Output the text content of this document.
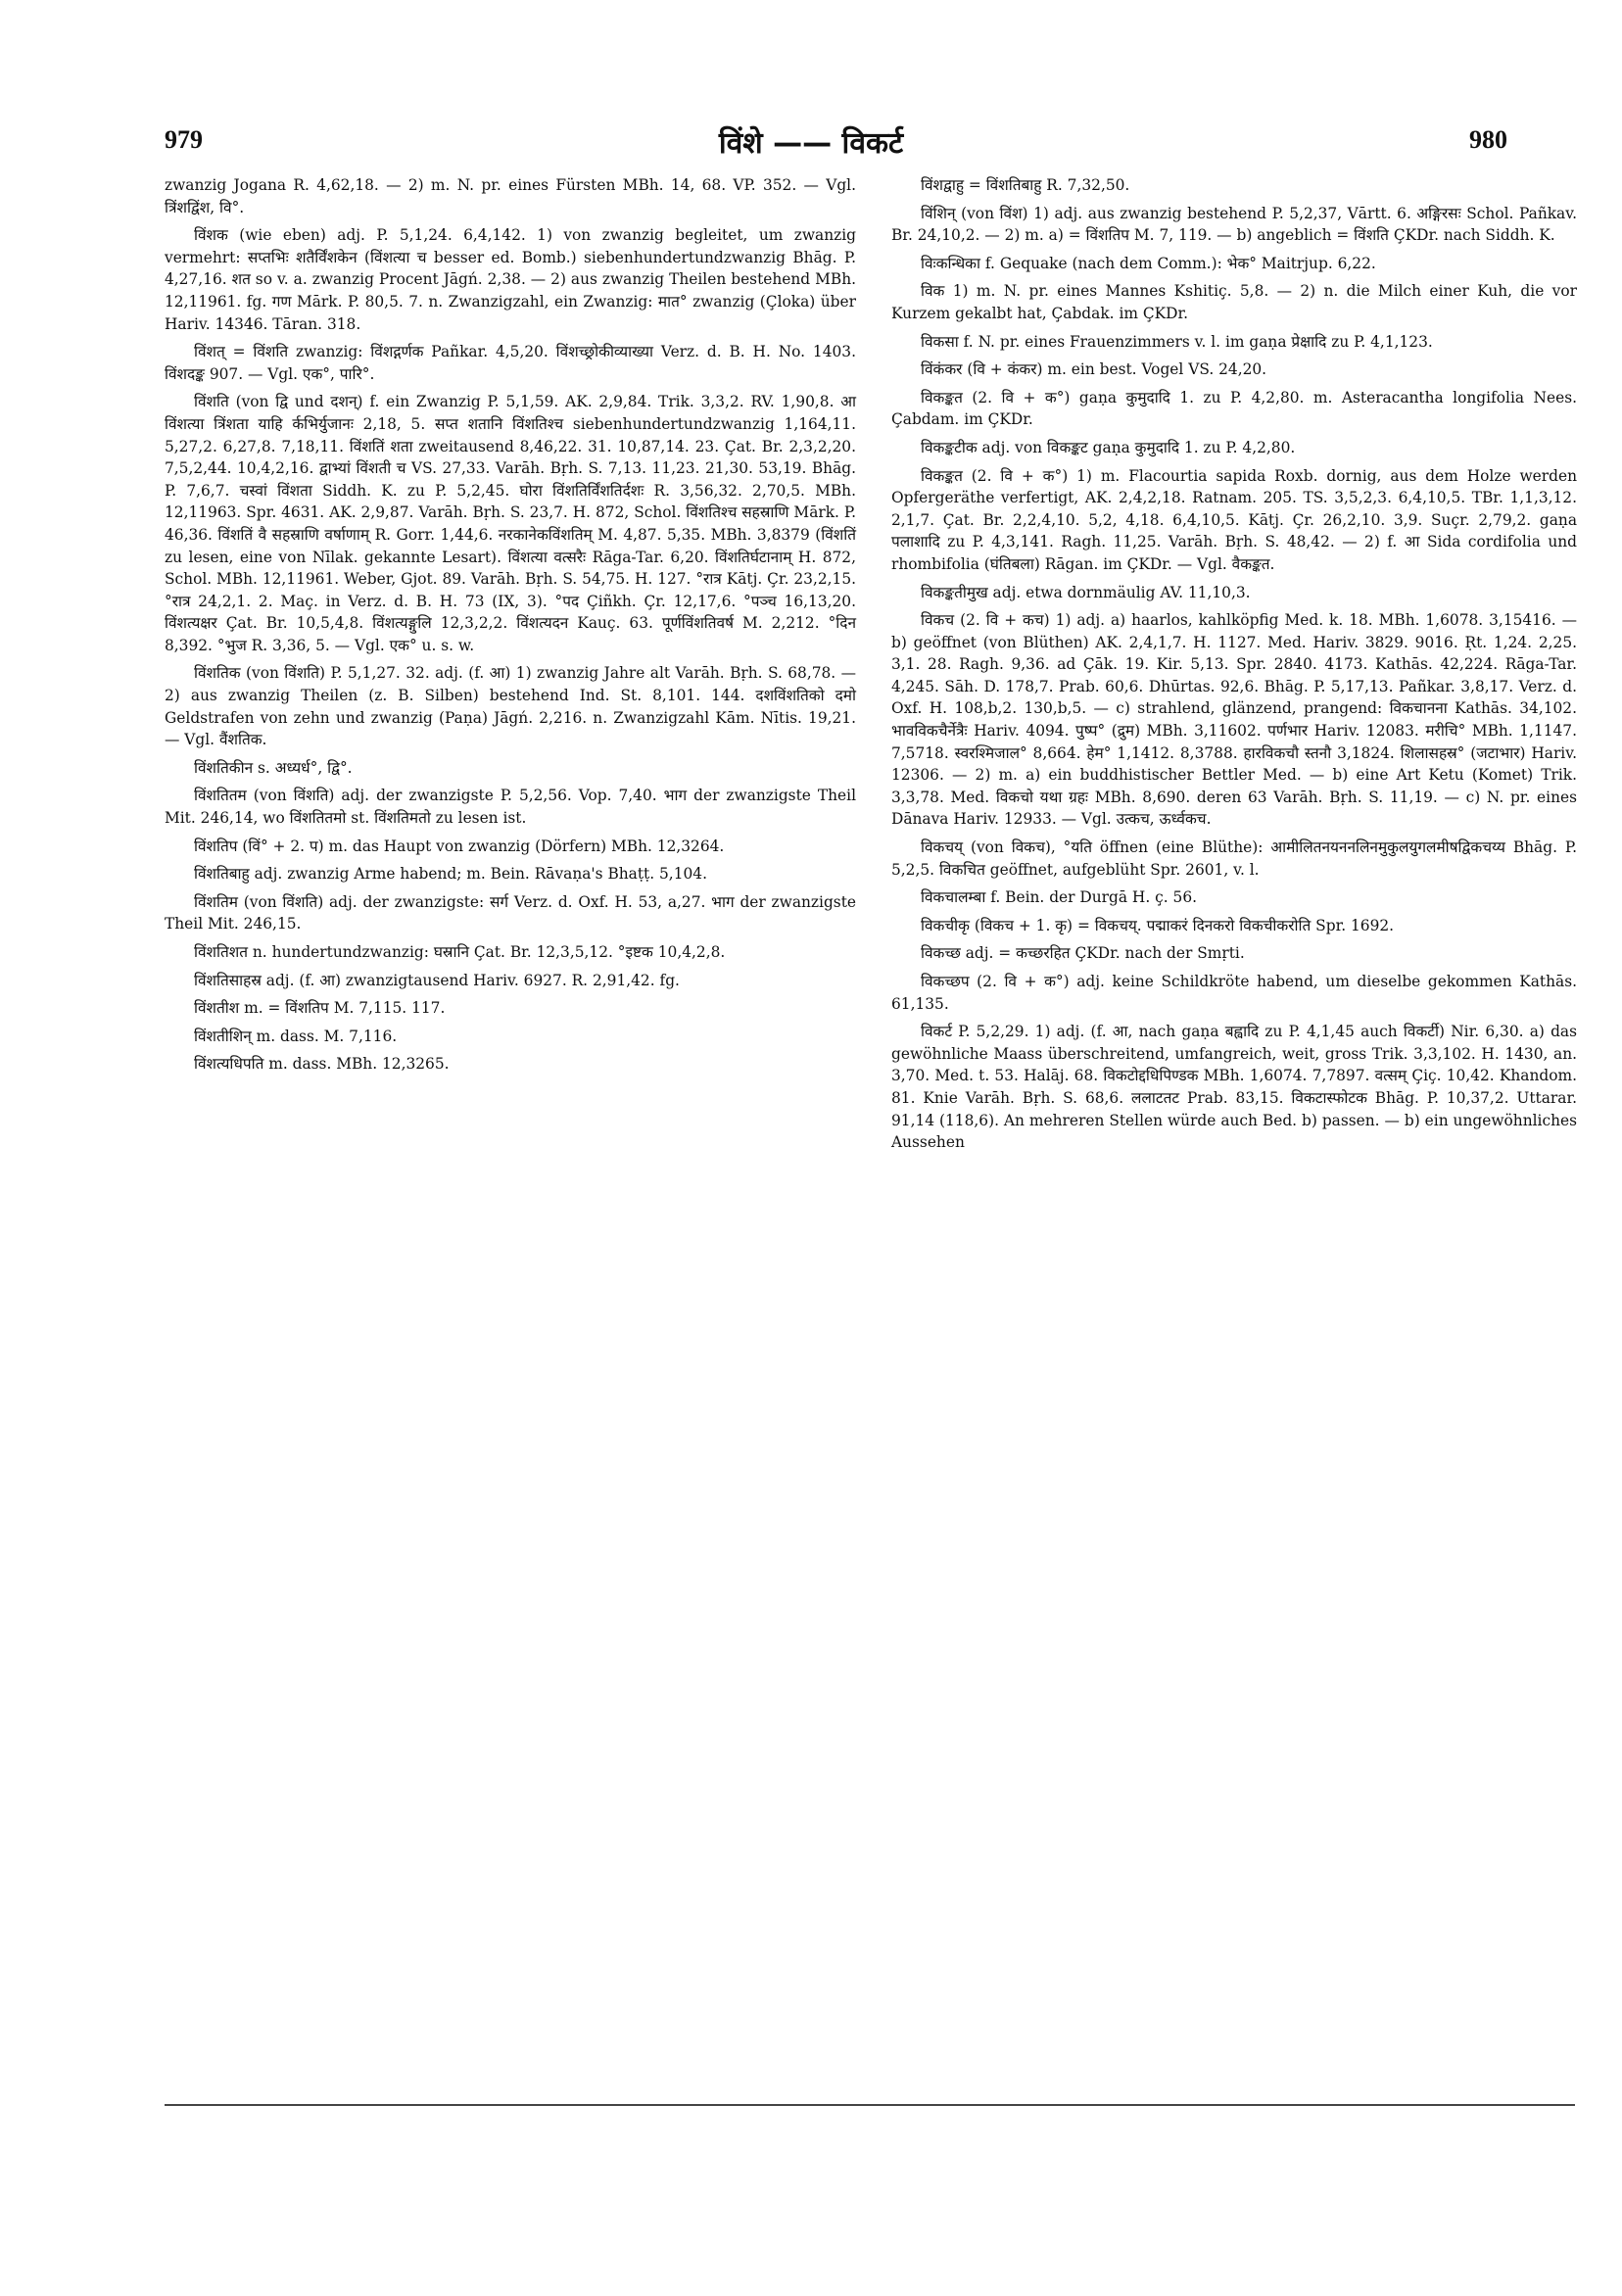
979	विंशे —— विकर्ट	980

zwanzig Jogana R. 4,62,18. — 2) m. N. pr. eines Fürsten MBh. 14, 68. VP. 352. — Vgl. त्रिंशद्विंश, वि°.

विंशक (wie eben) adj. P. 5,1,24. 6,4,142. 1) von zwanzig begleitet, um zwanzig vermehrt: सप्तभिः शतैर्विंशकेन (विंशत्या च besser ed. Bomb.) siebenhundertundzwanzig Bhāg. P. 4,27,16. शत so v. a. zwanzig Procent Jāgń. 2,38. — 2) aus zwanzig Theilen bestehend MBh. 12,11961. fg. गण Mārk. P. 80,5. 7. n. Zwanzigzahl, ein Zwanzig: मात° zwanzig (Çloka) über Hariv. 14346. Tāran. 318.

विंशत् = विंशति zwanzig: विंशद्गर्णक Pañkar. 4,5,20. विंशच्छ्रोकीव्याख्या Verz. d. B. H. No. 1403. विंशदङ्क 907. — Vgl. एक°, पारि°.

विंशति (von द्वि und दशन्) f. ein Zwanzig P. 5,1,59. AK. 2,9,84. Trik. 3,3,2. RV. 1,90,8. आ विंशत्या त्रिंशता याहि र्कभिर्युजानः 2,18, 5. सप्त शतानि विंशतिश्च siebenhundertundzwanzig 1,164,11. 5,27,2. 6,27,8. 7,18,11. विंशतिं शता zweitausend 8,46,22. 31. 10,87,14. 23. Çat. Br. 2,3,2,20. 7,5,2,44. 10,4,2,16. द्वाभ्यां विंशती च VS. 27,33. Varāh. Bṛh. S. 7,13. 11,23. 21,30. 53,19. Bhāg. P. 7,6,7. चस्वां विंशता Siddh. K. zu P. 5,2,45. घोरा विंशतिर्विंशतिर्दशः R. 3,56,32. 2,70,5. MBh. 12,11963. Spr. 4631. AK. 2,9,87. Varāh. Bṛh. S. 23,7. H. 872, Schol. विंशतिश्च सहस्राणि Mārk. P. 46,36. विंशतिं वै सहस्राणि वर्षाणाम् R. Gorr. 1,44,6. नरकानेकविंशतिम् M. 4,87. 5,35. MBh. 3,8379 (विंशतिं zu lesen, eine von Nīlak. gekannte Lesart). विंशत्या वत्सरैः Rāga-Tar. 6,20. विंशतिर्घटानाम् H. 872, Schol. MBh. 12,11961. Weber, Gjot. 89. Varāh. Bṛh. S. 54,75. H. 127. °रात्र Kātj. Çr. 23,2,15. °रात्र 24,2,1. 2. Maç. in Verz. d. B. H. 73 (IX, 3). °पद Çiñkh. Çr. 12,17,6. °पञ्च 16,13,20. विंशत्यक्षर Çat. Br. 10,5,4,8. विंशत्यङ्गुलि 12,3,2,2. विंशत्यदन Kauç. 63. पूर्णविंशतिवर्ष M. 2,212. °दिन 8,392. °भुज R. 3,36, 5. — Vgl. एक° u. s. w.

विंशतिक (von विंशति) P. 5,1,27. 32. adj. (f. आ) 1) zwanzig Jahre alt Varāh. Bṛh. S. 68,78. — 2) aus zwanzig Theilen (z. B. Silben) bestehend Ind. St. 8,101. 144. दशविंशतिको दमो Geldstrafen von zehn und zwanzig (Paṇa) Jāgń. 2,216. n. Zwanzigzahl Kām. Nītis. 19,21. — Vgl. वैंशतिक.

विंशतिकीन s. अध्यर्ध°, द्वि°.

विंशतितम (von विंशति) adj. der zwanzigste P. 5,2,56. Vop. 7,40. भाग der zwanzigste Theil Mit. 246,14, wo विंशतितमो st. विंशतिमतो zu lesen ist.

विंशतिप (विं° + 2. प) m. das Haupt von zwanzig (Dörfern) MBh. 12,3264.

विंशतिबाहु adj. zwanzig Arme habend; m. Bein. Rāvaṇa's Bhaṭṭ. 5,104.

विंशतिम (von विंशति) adj. der zwanzigste: सर्ग Verz. d. Oxf. H. 53, a,27. भाग der zwanzigste Theil Mit. 246,15.

विंशतिशत n. hundertundzwanzig: घस्रानि Çat. Br. 12,3,5,12. °इष्टक 10,4,2,8.

विंशतिसाहस्र adj. (f. आ) zwanzigtausend Hariv. 6927. R. 2,91,42. fg.

विंशतीश m. = विंशतिप M. 7,115. 117.

विंशतीशिन् m. dass. M. 7,116.

विंशत्यधिपति m. dass. MBh. 12,3265.

विंशद्वाहु = विंशतिबाहु R. 7,32,50.

विंशिन् (von विंश) 1) adj. aus zwanzig bestehend P. 5,2,37, Vārtt. 6. अङ्गिरसः Schol. Pañkav. Br. 24,10,2. — 2) m. a) = विंशतिप M. 7, 119. — b) angeblich = विंशति ÇKDr. nach Siddh. K.

विःकन्धिका f. Gequake (nach dem Comm.): भेक° Maitrjup. 6,22.

विक 1) m. N. pr. eines Mannes Kshitiç. 5,8. — 2) n. die Milch einer Kuh, die vor Kurzem gekalbt hat, Çabdak. im ÇKDr.

विकसा f. N. pr. eines Frauenzimmers v. l. im gaṇa प्रेक्षादि zu P. 4,1,123.

विंकंकर (वि + कंकर) m. ein best. Vogel VS. 24,20.

विकङ्कत (2. वि + क°) gaṇa कुमुदादि 1. zu P. 4,2,80. m. Asteracantha longifolia Nees. Çabdam. im ÇKDr.

विकङ्कटीक adj. von विकङ्कट gaṇa कुमुदादि 1. zu P. 4,2,80.

विकङ्कत (2. वि + क°) 1) m. Flacourtia sapida Roxb. dornig, aus dem Holze werden Opfergeräthe verfertigt, AK. 2,4,2,18. Ratnam. 205. TS. 3,5,2,3. 6,4,10,5. TBr. 1,1,3,12. 2,1,7. Çat. Br. 2,2,4,10. 5,2, 4,18. 6,4,10,5. Kātj. Çr. 26,2,10. 3,9. Suçr. 2,79,2. gaṇa पलाशादि zu P. 4,3,141. Ragh. 11,25. Varāh. Bṛh. S. 48,42. — 2) f. आ Sida cordifolia und rhombifolia (घंतिबला) Rāgan. im ÇKDr. — Vgl. वैकङ्कत.

विकङ्कतीमुख adj. etwa dornmäulig AV. 11,10,3.

विकच (2. वि + कच) 1) adj. a) haarlos, kahlköpfig Med. k. 18. MBh. 1,6078. 3,15416. — b) geöffnet (von Blüthen) AK. 2,4,1,7. H. 1127. Med. Hariv. 3829. 9016. Ṛt. 1,24. 2,25. 3,1. 28. Ragh. 9,36. ad Çāk. 19. Kir. 5,13. Spr. 2840. 4173. Kathās. 42,224. Rāga-Tar. 4,245. Sāh. D. 178,7. Prab. 60,6. Dhūrtas. 92,6. Bhāg. P. 5,17,13. Pañkar. 3,8,17. Verz. d. Oxf. H. 108,b,2. 130,b,5. — c) strahlend, glänzend, prangend: विकचानना Kathās. 34,102. भावविकचैर्नेत्रैः Hariv. 4094. पुष्प° (द्रुम) MBh. 3,11602. पर्णभार Hariv. 12083. मरीचि° MBh. 1,1147. 7,5718. स्वरश्मिजाल° 8,664. हेम° 1,1412. 8,3788. हारविकचौ स्तनौ 3,1824. शिलासहस्र° (जटाभार) Hariv. 12306. — 2) m. a) ein buddhistischer Bettler Med. — b) eine Art Ketu (Komet) Trik. 3,3,78. Med. विकचो यथा ग्रहः MBh. 8,690. deren 63 Varāh. Bṛh. S. 11,19. — c) N. pr. eines Dānava Hariv. 12933. — Vgl. उत्कच, ऊर्ध्वकच.

विकचय् (von विकच), °यति öffnen (eine Blüthe): आमीलितनयननलिनमुकुलयुगलमीषद्विकचय्य Bhāg. P. 5,2,5. विकचित geöffnet, aufgeblüht Spr. 2601, v. l.

विकचालम्बा f. Bein. der Durgā H. ç. 56.

विकचीकृ (विकच + 1. कृ) = विकचय्. पद्माकरं दिनकरो विकचीकरोति Spr. 1692.

विकच्छ adj. = कच्छरहित ÇKDr. nach der Smṛti.

विकच्छप (2. वि + क°) adj. keine Schildkröte habend, um dieselbe gekommen Kathās. 61,135.

विकर्ट P. 5,2,29. 1) adj. (f. आ, nach gaṇa बह्वादि zu P. 4,1,45 auch विकर्टी) Nir. 6,30. a) das gewöhnliche Maass überschreitend, umfangreich, weit, gross Trik. 3,3,102. H. 1430, an. 3,70. Med. t. 53. Halāj. 68. विकटोद्दधिपिण्डक MBh. 1,6074. 7,7897. वत्सम् Çiç. 10,42. Khandom. 81. Knie Varāh. Bṛh. S. 68,6. ललाटतट Prab. 83,15. विकटास्फोटक Bhāg. P. 10,37,2. Uttarar. 91,14 (118,6). An mehreren Stellen würde auch Bed. b) passen. — b) ein ungewöhnliches Aussehen
